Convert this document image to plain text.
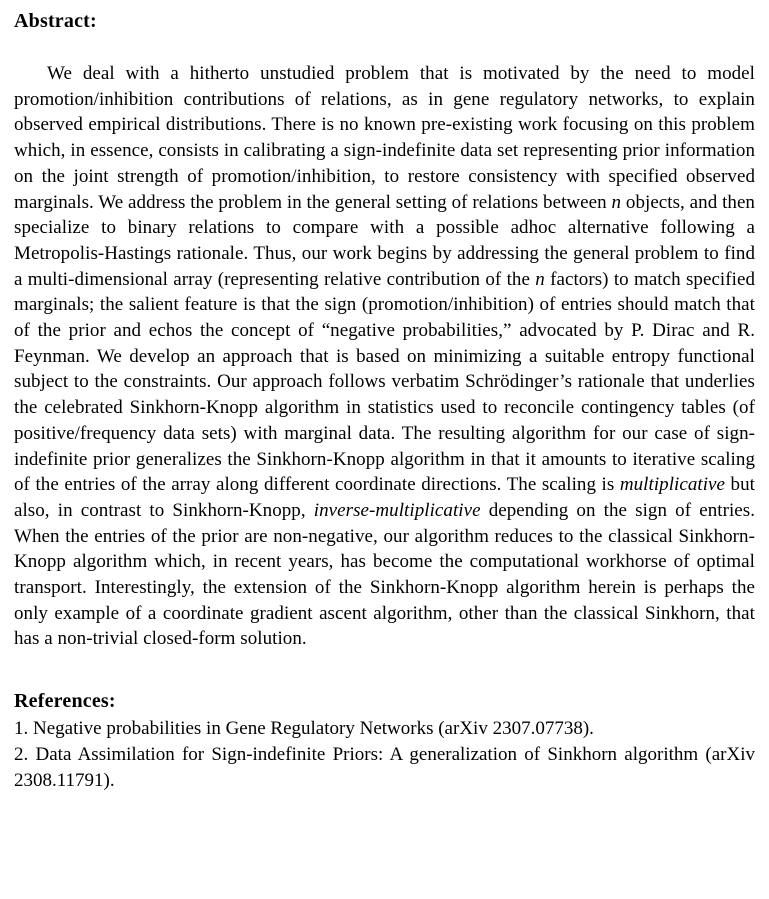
Abstract:

We deal with a hitherto unstudied problem that is motivated by the need to model promotion/inhibition contributions of relations, as in gene regulatory networks, to explain observed empirical distributions. There is no known pre-existing work focusing on this problem which, in essence, consists in calibrating a sign-indefinite data set representing prior information on the joint strength of promotion/inhibition, to restore consistency with specified observed marginals. We address the problem in the general setting of relations between n objects, and then specialize to binary relations to compare with a possible adhoc alternative following a Metropolis-Hastings rationale. Thus, our work begins by addressing the general problem to find a multi-dimensional array (representing relative contribution of the n factors) to match specified marginals; the salient feature is that the sign (promotion/inhibition) of entries should match that of the prior and echos the concept of “negative probabilities,” advocated by P. Dirac and R. Feynman. We develop an approach that is based on minimizing a suitable entropy functional subject to the constraints. Our approach follows verbatim Schrödinger’s rationale that underlies the celebrated Sinkhorn-Knopp algorithm in statistics used to reconcile contingency tables (of positive/frequency data sets) with marginal data. The resulting algorithm for our case of sign-indefinite prior generalizes the Sinkhorn-Knopp algorithm in that it amounts to iterative scaling of the entries of the array along different coordinate directions. The scaling is multiplicative but also, in contrast to Sinkhorn-Knopp, inverse-multiplicative depending on the sign of entries. When the entries of the prior are non-negative, our algorithm reduces to the classical Sinkhorn-Knopp algorithm which, in recent years, has become the computational workhorse of optimal transport. Interestingly, the extension of the Sinkhorn-Knopp algorithm herein is perhaps the only example of a coordinate gradient ascent algorithm, other than the classical Sinkhorn, that has a non-trivial closed-form solution.

References:
1. Negative probabilities in Gene Regulatory Networks (arXiv 2307.07738).
2. Data Assimilation for Sign-indefinite Priors: A generalization of Sinkhorn algorithm (arXiv 2308.11791).
